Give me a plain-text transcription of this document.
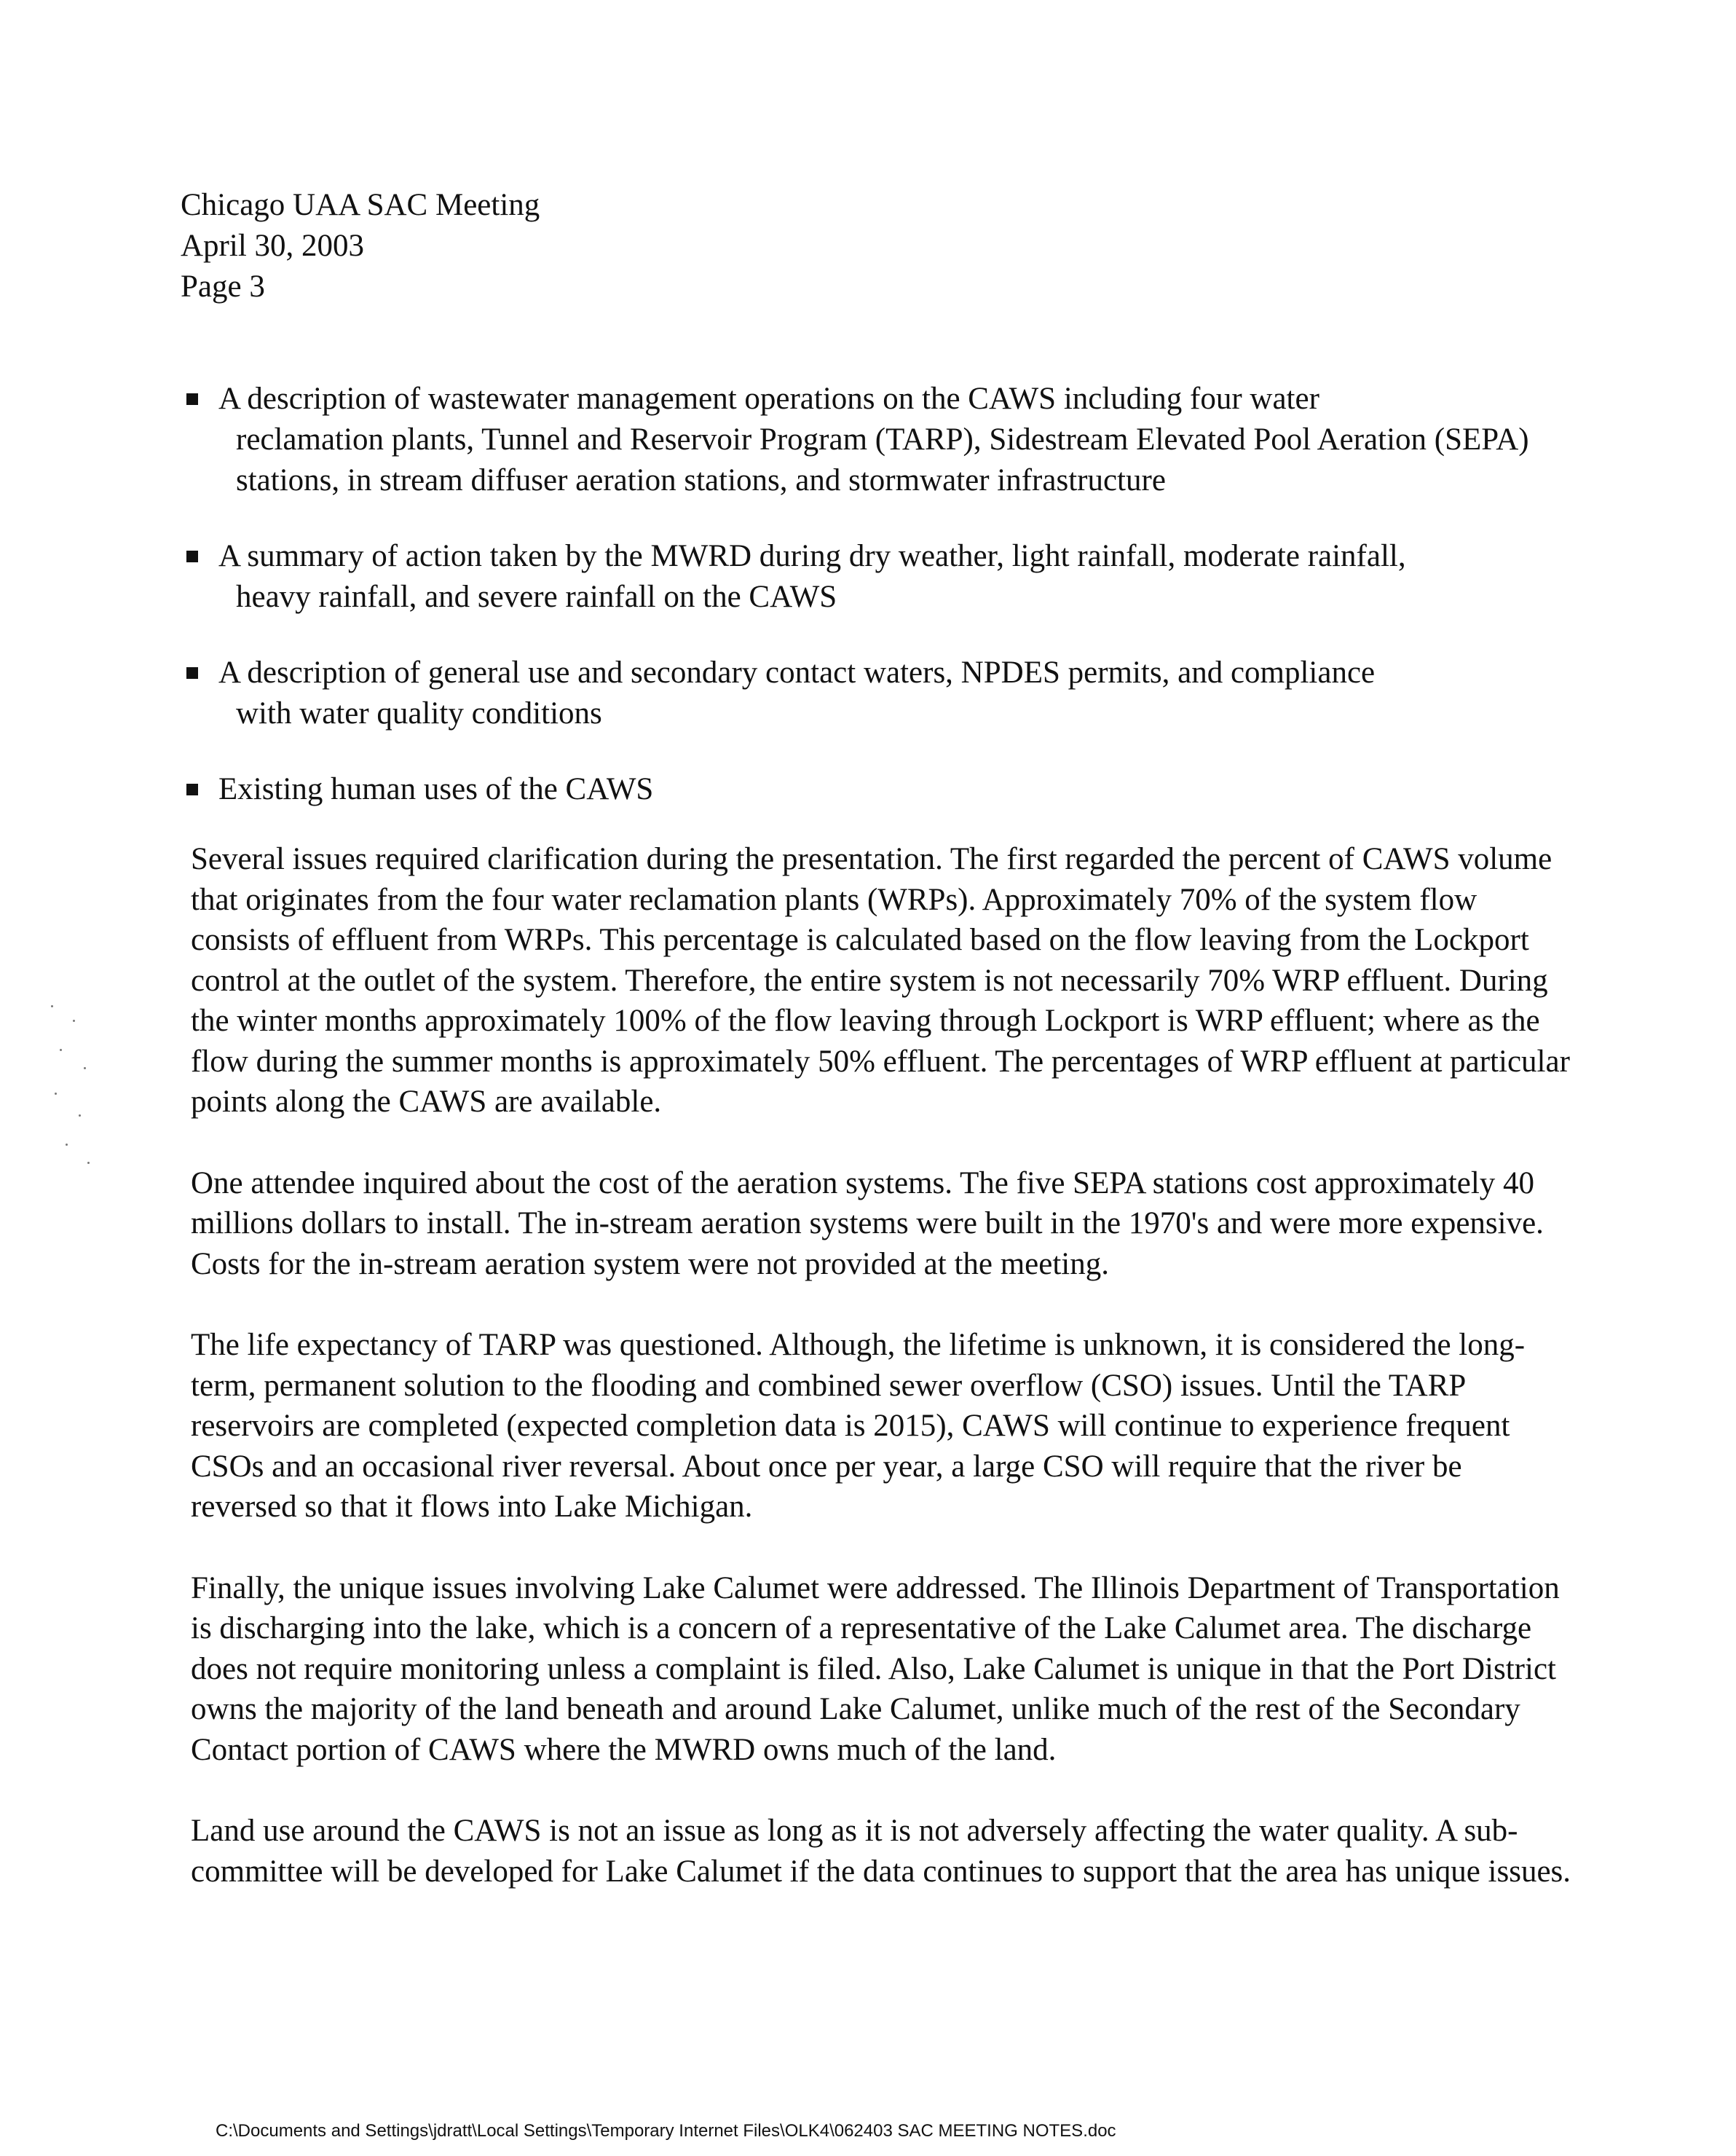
Chicago UAA SAC Meeting
April 30, 2003
Page 3
A description of wastewater management operations on the CAWS including four water
reclamation plants, Tunnel and Reservoir Program (TARP), Sidestream Elevated Pool Aeration (SEPA) stations, in stream diffuser aeration stations, and stormwater infrastructure
A summary of action taken by the MWRD during dry weather, light rainfall, moderate rainfall,
heavy rainfall, and severe rainfall on the CAWS
A description of general use and secondary contact waters, NPDES permits, and compliance
with water quality conditions
Existing human uses of the CAWS

Several issues required clarification during the presentation. The first regarded the percent of CAWS volume that originates from the four water reclamation plants (WRPs). Approximately 70% of the system flow consists of effluent from WRPs. This percentage is calculated based on the flow leaving from the Lockport control at the outlet of the system. Therefore, the entire system is not necessarily 70% WRP effluent. During the winter months approximately 100% of the flow leaving through Lockport is WRP effluent; where as the flow during the summer months is approximately 50% effluent. The percentages of WRP effluent at particular points along the CAWS are available.

One attendee inquired about the cost of the aeration systems. The five SEPA stations cost approximately 40 millions dollars to install. The in-stream aeration systems were built in the 1970's and were more expensive. Costs for the in-stream aeration system were not provided at the meeting.

The life expectancy of TARP was questioned. Although, the lifetime is unknown, it is considered the long-term, permanent solution to the flooding and combined sewer overflow (CSO) issues. Until the TARP reservoirs are completed (expected completion data is 2015), CAWS will continue to experience frequent CSOs and an occasional river reversal. About once per year, a large CSO will require that the river be reversed so that it flows into Lake Michigan.

Finally, the unique issues involving Lake Calumet were addressed. The Illinois Department of Transportation is discharging into the lake, which is a concern of a representative of the Lake Calumet area. The discharge does not require monitoring unless a complaint is filed. Also, Lake Calumet is unique in that the Port District owns the majority of the land beneath and around Lake Calumet, unlike much of the rest of the Secondary Contact portion of CAWS where the MWRD owns much of the land.

Land use around the CAWS is not an issue as long as it is not adversely affecting the water quality. A sub-committee will be developed for Lake Calumet if the data continues to support that the area has unique issues.

C:\Documents and Settings\jdratt\Local Settings\Temporary Internet Files\OLK4\062403 SAC MEETING NOTES.doc
